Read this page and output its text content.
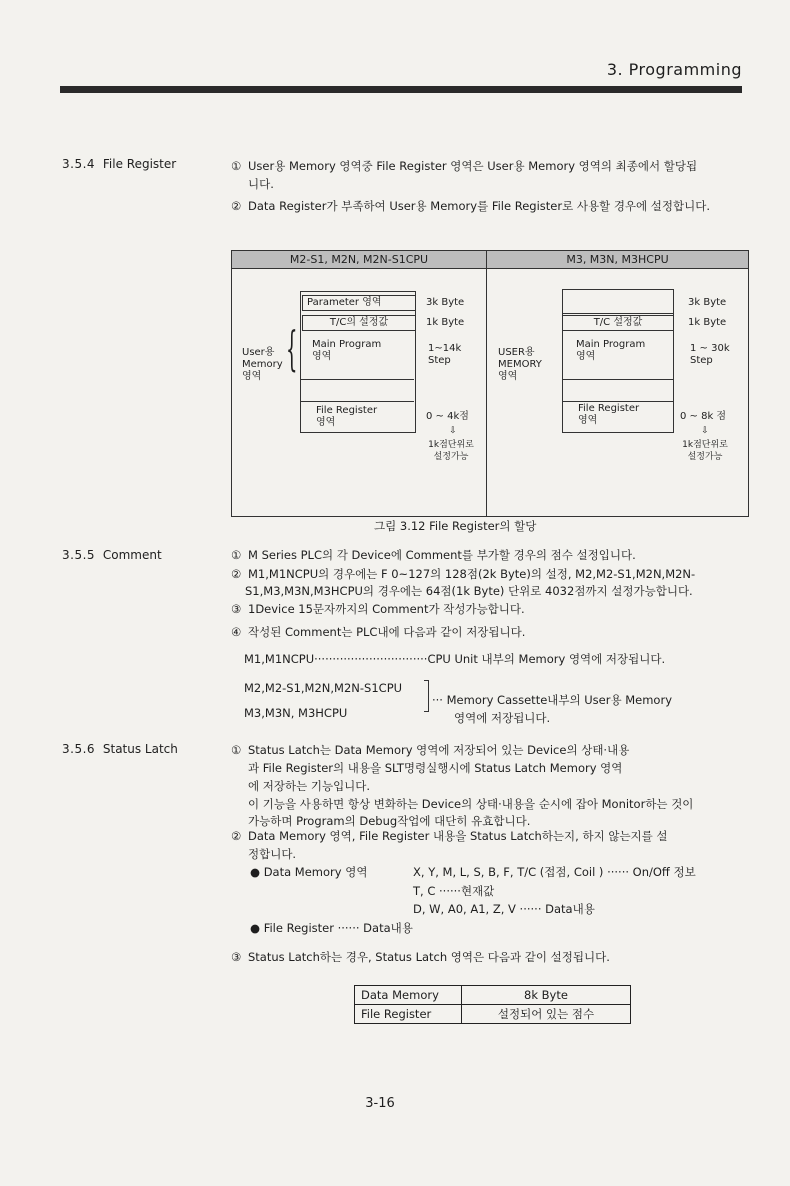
3. Programming
3.5.4 File Register	① User용 Memory 영역중 File Register 영역은 User용 Memory 영역의 최종에서 할당됩
니다.
② Data Register가 부족하여 User용 Memory를 File Register로 사용할 경우에 설정합니다.
M2-S1, M2N, M2N-S1CPU	M3, M3N, M3HCPU
User용
Memory
영역	{
Parameter 영역
T/C의 설정값
Main Program
영역
File Register
영역
3k Byte
1k Byte
1~14k
Step
0 ~ 4k점
⇩
1k점단위로
설정가능
USER용
MEMORY
영역
T/C 설정값
Main Program
영역
File Register
영역
3k Byte
1k Byte
1 ~ 30k
Step
0 ~ 8k 점
⇩
1k점단위로
설정가능
그림 3.12 File Register의 할당
3.5.5 Comment	① M Series PLC의 각 Device에 Comment를 부가할 경우의 점수 설정입니다.
② M1,M1NCPU의 경우에는 F 0~127의 128점(2k Byte)의 설정, M2,M2-S1,M2N,M2N-
S1,M3,M3N,M3HCPU의 경우에는 64점(1k Byte) 단위로 4032점까지 설정가능합니다.
③ 1Device 15문자까지의 Comment가 작성가능합니다.
④ 작성된 Comment는 PLC내에 다음과 같이 저장됩니다.
M1,M1NCPU·······························CPU Unit 내부의 Memory 영역에 저장됩니다.
M2,M2-S1,M2N,M2N-S1CPU
M3,M3N, M3HCPU
··· Memory Cassette내부의 User용 Memory
영역에 저장됩니다.
3.5.6 Status Latch	① Status Latch는 Data Memory 영역에 저장되어 있는 Device의 상태·내용
과 File Register의 내용을 SLT명령실행시에 Status Latch Memory 영역
에 저장하는 기능입니다.
이 기능을 사용하면 항상 변화하는 Device의 상태·내용을 순시에 잡아 Monitor하는 것이
가능하며 Program의 Debug작업에 대단히 유효합니다.
② Data Memory 영역, File Register 내용을 Status Latch하는지, 하지 않는지를 설
정합니다.
● Data Memory 영역	X, Y, M, L, S, B, F, T/C (접점, Coil ) ······ On/Off 정보
T, C ······현재값
D, W, A0, A1, Z, V ······ Data내용
● File Register ······ Data내용
③ Status Latch하는 경우, Status Latch 영역은 다음과 같이 설정됩니다.
Data Memory	8k Byte
File Register	설정되어 있는 점수
3-16
